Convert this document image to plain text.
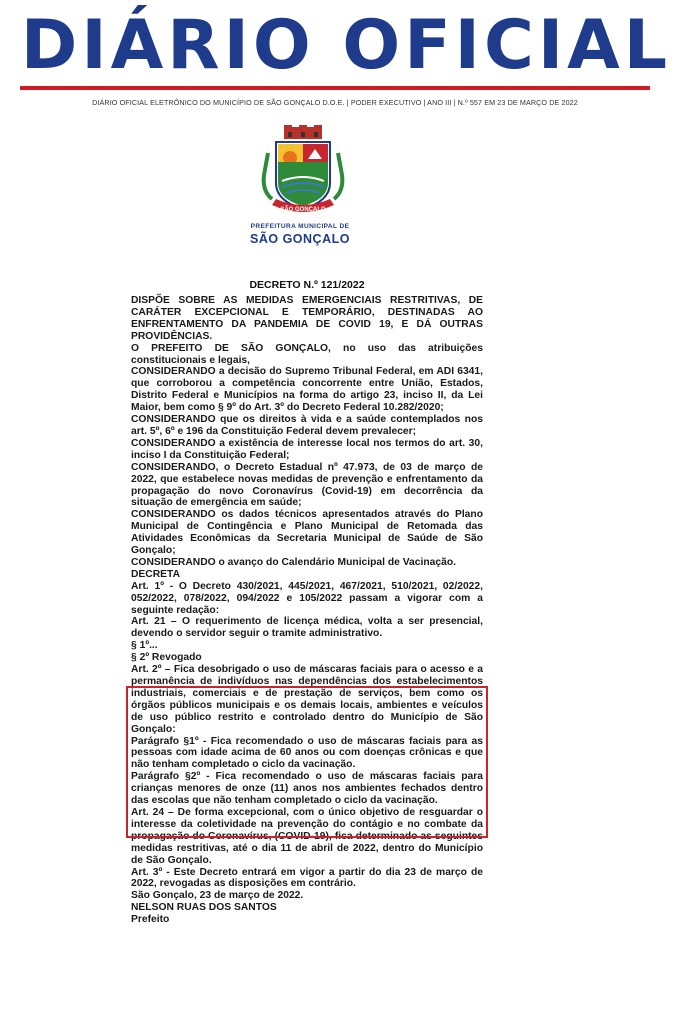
DIÁRIO OFICIAL
DIÁRIO OFICIAL ELETRÔNICO DO MUNICÍPIO DE SÃO GONÇALO D.O.E. | PODER EXECUTIVO | ANO III | N.º 557 EM 23 DE MARÇO DE 2022
SÃO GONÇALO
PREFEITURA MUNICIPAL DE
SÃO GONÇALO
DECRETO N.º 121/2022

DISPÕE SOBRE AS MEDIDAS EMERGENCIAIS RESTRITIVAS, DE CARÁTER EXCEPCIONAL E TEMPORÁRIO, DESTINADAS AO ENFRENTAMENTO DA PANDEMIA DE COVID 19, E DÁ OUTRAS PROVIDÊNCIAS.

O PREFEITO DE SÃO GONÇALO, no uso das atribuições constitucionais e legais,

CONSIDERANDO a decisão do Supremo Tribunal Federal, em ADI 6341, que corroborou a competência concorrente entre União, Estados, Distrito Federal e Municípios na forma do artigo 23, inciso II, da Lei Maior, bem como § 9º do Art. 3º do Decreto Federal 10.282/2020;

CONSIDERANDO que os direitos à vida e a saúde contemplados nos art. 5º, 6º e 196 da Constituição Federal devem prevalecer;

CONSIDERANDO a existência de interesse local nos termos do art. 30, inciso I da Constituição Federal;

CONSIDERANDO, o Decreto Estadual nº 47.973, de 03 de março de 2022, que estabelece novas medidas de prevenção e enfrentamento da propagação do novo Coronavírus (Covid-19) em decorrência da situação de emergência em saúde;

CONSIDERANDO os dados técnicos apresentados através do Plano Municipal de Contingência e Plano Municipal de Retomada das Atividades Econômicas da Secretaria Municipal de Saúde de São Gonçalo;

CONSIDERANDO o avanço do Calendário Municipal de Vacinação.

DECRETA

Art. 1º - O Decreto 430/2021, 445/2021, 467/2021, 510/2021, 02/2022, 052/2022, 078/2022, 094/2022 e 105/2022 passam a vigorar com a seguinte redação:

Art. 21 – O requerimento de licença médica, volta a ser presencial, devendo o servidor seguir o tramite administrativo.

§ 1º...

§ 2º Revogado

Art. 2º – Fica desobrigado o uso de máscaras faciais para o acesso e a permanência de indivíduos nas dependências dos estabelecimentos industriais, comerciais e de prestação de serviços, bem como os órgãos públicos municipais e os demais locais, ambientes e veículos de uso público restrito e controlado dentro do Município de São Gonçalo:

Parágrafo §1º - Fica recomendado o uso de máscaras faciais para as pessoas com idade acima de 60 anos ou com doenças crônicas e que não tenham completado o ciclo da vacinação.

Parágrafo §2º - Fica recomendado o uso de máscaras faciais para crianças menores de onze (11) anos nos ambientes fechados dentro das escolas que não tenham completado o ciclo da vacinação.

Art. 24 – De forma excepcional, com o único objetivo de resguardar o interesse da coletividade na prevenção do contágio e no combate da propagação do Coronavírus, (COVID-19), fica determinado as seguintes medidas restritivas, até o dia 11 de abril de 2022, dentro do Município de São Gonçalo.

Art. 3º - Este Decreto entrará em vigor a partir do dia 23 de março de 2022, revogadas as disposições em contrário.

São Gonçalo, 23 de março de 2022.

NELSON RUAS DOS SANTOS

Prefeito
